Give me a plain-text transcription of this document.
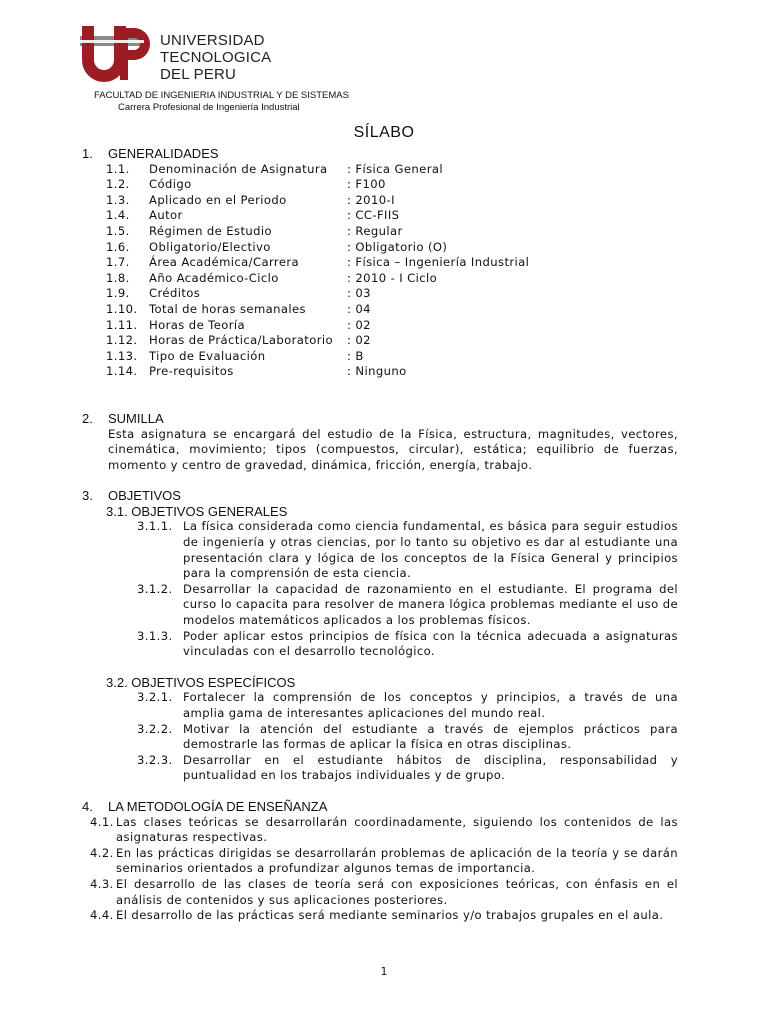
UNIVERSIDAD
TECNOLOGICA
DEL PERU
FACULTAD DE INGENIERIA INDUSTRIAL Y DE SISTEMAS
Carrera Profesional de Ingeniería Industrial
SÍLABO
1.	GENERALIDADES
1.1.	Denominación de Asignatura	: Física General
1.2.	Código	: F100
1.3.	Aplicado en el Periodo	: 2010-I
1.4.	Autor	: CC-FIIS
1.5.	Régimen de Estudio	: Regular
1.6.	Obligatorio/Electivo	: Obligatorio (O)
1.7.	Área Académica/Carrera	: Física – Ingeniería Industrial
1.8.	Año Académico-Ciclo	: 2010 - I Ciclo
1.9.	Créditos	: 03
1.10. Total de horas semanales	: 04
1.11. Horas de Teoría	: 02
1.12. Horas de Práctica/Laboratorio	: 02
1.13. Tipo de Evaluación	: B
1.14. Pre-requisitos	: Ninguno
2.	SUMILLA
Esta asignatura se encargará del estudio de la Física, estructura, magnitudes, vectores, cinemática, movimiento; tipos (compuestos, circular), estática; equilibrio de fuerzas, momento y centro de gravedad, dinámica, fricción, energía, trabajo.
3.	OBJETIVOS
3.1. OBJETIVOS GENERALES
3.1.1. La física considerada como ciencia fundamental, es básica para seguir estudios de ingeniería y otras ciencias, por lo tanto su objetivo es dar al estudiante una presentación clara y lógica de los conceptos de la Física General y principios para la comprensión de esta ciencia.
3.1.2. Desarrollar la capacidad de razonamiento en el estudiante. El programa del curso lo capacita para resolver de manera lógica problemas mediante el uso de modelos matemáticos aplicados a los problemas físicos.
3.1.3. Poder aplicar estos principios de física con la técnica adecuada a asignaturas vinculadas con el desarrollo tecnológico.
3.2. OBJETIVOS ESPECÍFICOS
3.2.1. Fortalecer la comprensión de los conceptos y principios, a través de una amplia gama de interesantes aplicaciones del mundo real.
3.2.2. Motivar la atención del estudiante a través de ejemplos prácticos para demostrarle las formas de aplicar la física en otras disciplinas.
3.2.3. Desarrollar en el estudiante hábitos de disciplina, responsabilidad y puntualidad en los trabajos individuales y de grupo.
4.	LA METODOLOGÍA DE ENSEÑANZA
4.1. Las clases teóricas se desarrollarán coordinadamente, siguiendo los contenidos de las asignaturas respectivas.
4.2. En las prácticas dirigidas se desarrollarán problemas de aplicación de la teoría y se darán seminarios orientados a profundizar algunos temas de importancia.
4.3. El desarrollo de las clases de teoría será con exposiciones teóricas, con énfasis en el análisis de contenidos y sus aplicaciones posteriores.
4.4. El desarrollo de las prácticas será mediante seminarios y/o trabajos grupales en el aula.
1
